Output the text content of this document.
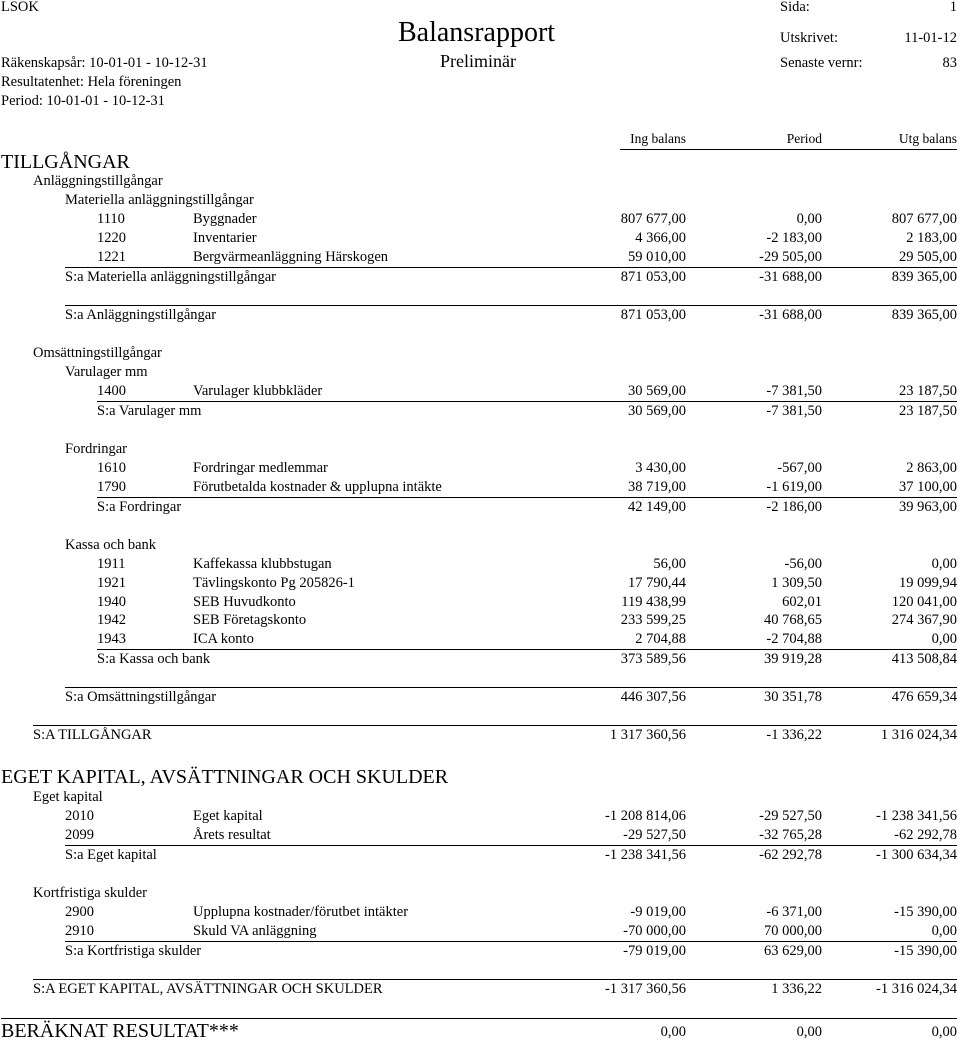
LSOK	Sida:	1
Balansrapport	Utskrivet:	11-01-12
Preliminär
Räkenskapsår: 10-01-01 - 10-12-31	Senaste vernr:	83
Resultatenhet: Hela föreningen
Period: 10-01-01 - 10-12-31
Ing balans	Period	Utg balans
TILLGÅNGAR
Anläggningstillgångar
Materiella anläggningstillgångar
1110	Byggnader	807 677,00	0,00	807 677,00
1220	Inventarier	4 366,00	-2 183,00	2 183,00
1221	Bergvärmeanläggning Härskogen	59 010,00	-29 505,00	29 505,00
S:a Materiella anläggningstillgångar	871 053,00	-31 688,00	839 365,00
S:a Anläggningstillgångar	871 053,00	-31 688,00	839 365,00
Omsättningstillgångar
Varulager mm
1400	Varulager klubbkläder	30 569,00	-7 381,50	23 187,50
S:a Varulager mm	30 569,00	-7 381,50	23 187,50
Fordringar
1610	Fordringar medlemmar	3 430,00	-567,00	2 863,00
1790	Förutbetalda kostnader & upplupna intäkte	38 719,00	-1 619,00	37 100,00
S:a Fordringar	42 149,00	-2 186,00	39 963,00
Kassa och bank
1911	Kaffekassa klubbstugan	56,00	-56,00	0,00
1921	Tävlingskonto Pg 205826-1	17 790,44	1 309,50	19 099,94
1940	SEB Huvudkonto	119 438,99	602,01	120 041,00
1942	SEB Företagskonto	233 599,25	40 768,65	274 367,90
1943	ICA konto	2 704,88	-2 704,88	0,00
S:a Kassa och bank	373 589,56	39 919,28	413 508,84
S:a Omsättningstillgångar	446 307,56	30 351,78	476 659,34
S:A TILLGÅNGAR	1 317 360,56	-1 336,22	1 316 024,34
EGET KAPITAL, AVSÄTTNINGAR OCH SKULDER
Eget kapital
2010	Eget kapital	-1 208 814,06	-29 527,50	-1 238 341,56
2099	Årets resultat	-29 527,50	-32 765,28	-62 292,78
S:a Eget kapital	-1 238 341,56	-62 292,78	-1 300 634,34
Kortfristiga skulder
2900	Upplupna kostnader/förutbet intäkter	-9 019,00	-6 371,00	-15 390,00
2910	Skuld VA anläggning	-70 000,00	70 000,00	0,00
S:a Kortfristiga skulder	-79 019,00	63 629,00	-15 390,00
S:A EGET KAPITAL, AVSÄTTNINGAR OCH SKULDER	-1 317 360,56	1 336,22	-1 316 024,34
BERÄKNAT RESULTAT***	0,00	0,00	0,00
